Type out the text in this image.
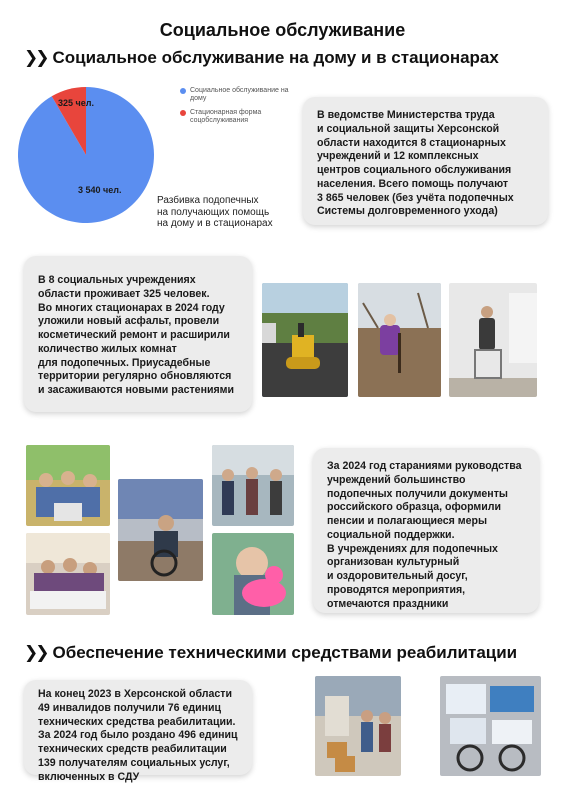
Социальное обслуживание
❯❯ Социальное обслуживание на дому и в стационарах
3 540 чел.
325 чел.
Социальное обслуживание на дому
Стационарная форма соцобслуживания
Разбивка подопечных
на получающих помощь
на дому и в стационарах

В ведомстве Министерства труда
и социальной защиты Херсонской
области находится 8 стационарных
учреждений и 12 комплексных
центров социального обслуживания
населения. Всего помощь получают
3 865 человек (без учёта подопечных
Системы долговременного ухода)

В 8 социальных учреждениях
области проживает 325 человек.
Во многих стационарах в 2024 году
уложили новый асфальт, провели
косметический ремонт и расширили
количество жилых комнат
для подопечных. Приусадебные
территории регулярно обновляются
и засаживаются новыми растениями

За 2024 год стараниями руководства
учреждений большинство
подопечных получили документы
российского образца, оформили
пенсии и полагающиеся меры
социальной поддержки.
В учреждениях для подопечных
организован культурный
и оздоровительный досуг,
проводятся мероприятия,
отмечаются праздники

❯❯ Обеспечение техническими средствами реабилитации

На конец 2023 в Херсонской области
49 инвалидов получили 76 единиц
технических средства реабилитации.
За 2024 год было роздано 496 единиц
технических средств реабилитации
139 получателям социальных услуг,
включенных в СДУ
